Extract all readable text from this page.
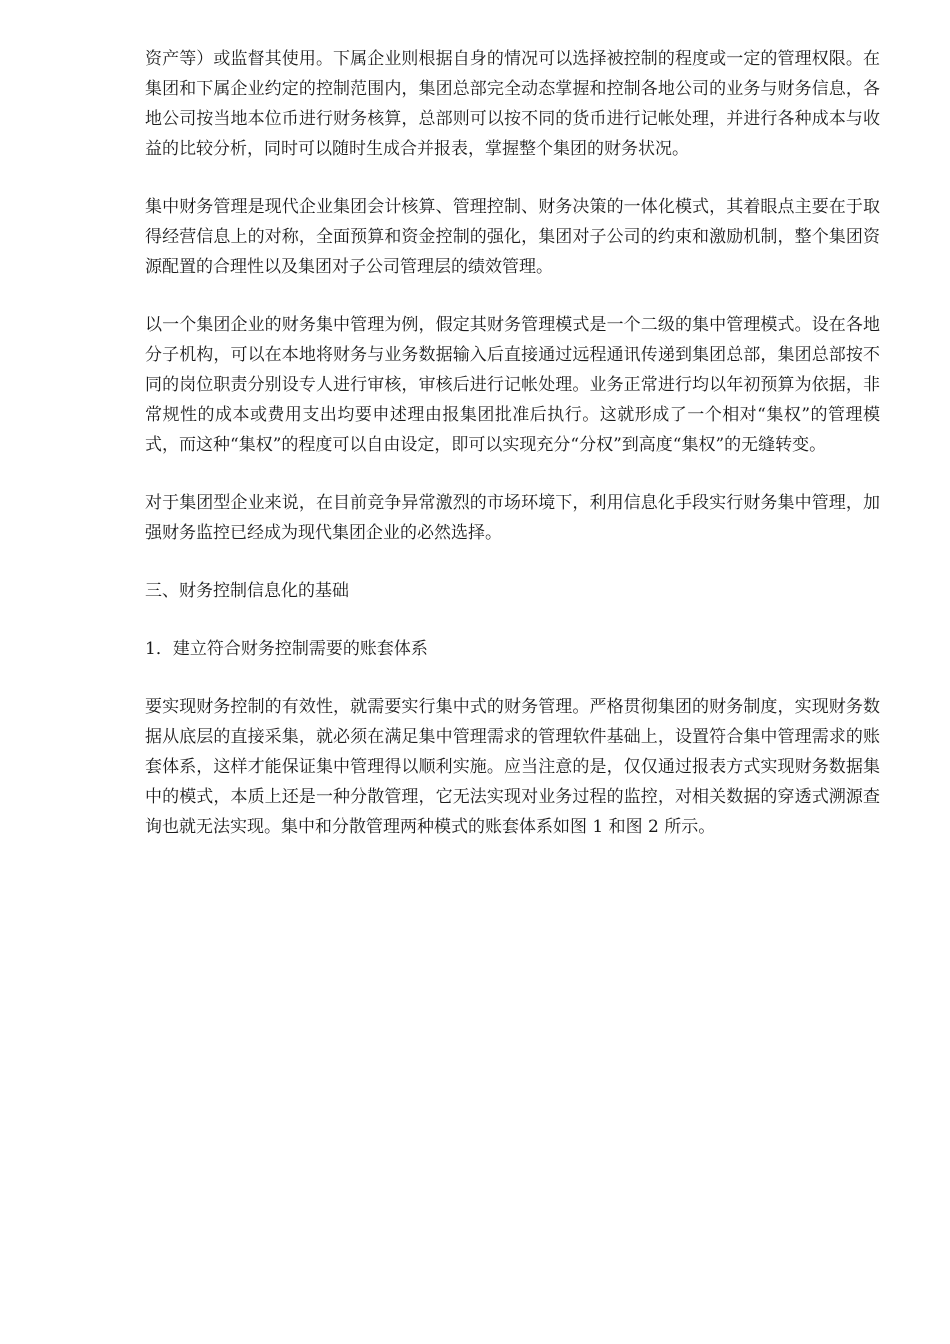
资产等）或监督其使用。下属企业则根据自身的情况可以选择被控制的程度或一定的管理权限。在集团和下属企业约定的控制范围内，集团总部完全动态掌握和控制各地公司的业务与财务信息，各地公司按当地本位币进行财务核算，总部则可以按不同的货币进行记帐处理，并进行各种成本与收益的比较分析，同时可以随时生成合并报表，掌握整个集团的财务状况。

集中财务管理是现代企业集团会计核算、管理控制、财务决策的一体化模式，其着眼点主要在于取得经营信息上的对称，全面预算和资金控制的强化，集团对子公司的约束和激励机制，整个集团资源配置的合理性以及集团对子公司管理层的绩效管理。

以一个集团企业的财务集中管理为例，假定其财务管理模式是一个二级的集中管理模式。设在各地分子机构，可以在本地将财务与业务数据输入后直接通过远程通讯传递到集团总部，集团总部按不同的岗位职责分别设专人进行审核，审核后进行记帐处理。业务正常进行均以年初预算为依据，非常规性的成本或费用支出均要申述理由报集团批准后执行。这就形成了一个相对“集权”的管理模式，而这种“集权”的程度可以自由设定，即可以实现充分“分权”到高度“集权”的无缝转变。

对于集团型企业来说，在目前竞争异常激烈的市场环境下，利用信息化手段实行财务集中管理，加强财务监控已经成为现代集团企业的必然选择。

三、财务控制信息化的基础

1．建立符合财务控制需要的账套体系

要实现财务控制的有效性，就需要实行集中式的财务管理。严格贯彻集团的财务制度，实现财务数据从底层的直接采集，就必须在满足集中管理需求的管理软件基础上，设置符合集中管理需求的账套体系，这样才能保证集中管理得以顺利实施。应当注意的是，仅仅通过报表方式实现财务数据集中的模式，本质上还是一种分散管理，它无法实现对业务过程的监控，对相关数据的穿透式溯源查询也就无法实现。集中和分散管理两种模式的账套体系如图 1 和图 2 所示。
